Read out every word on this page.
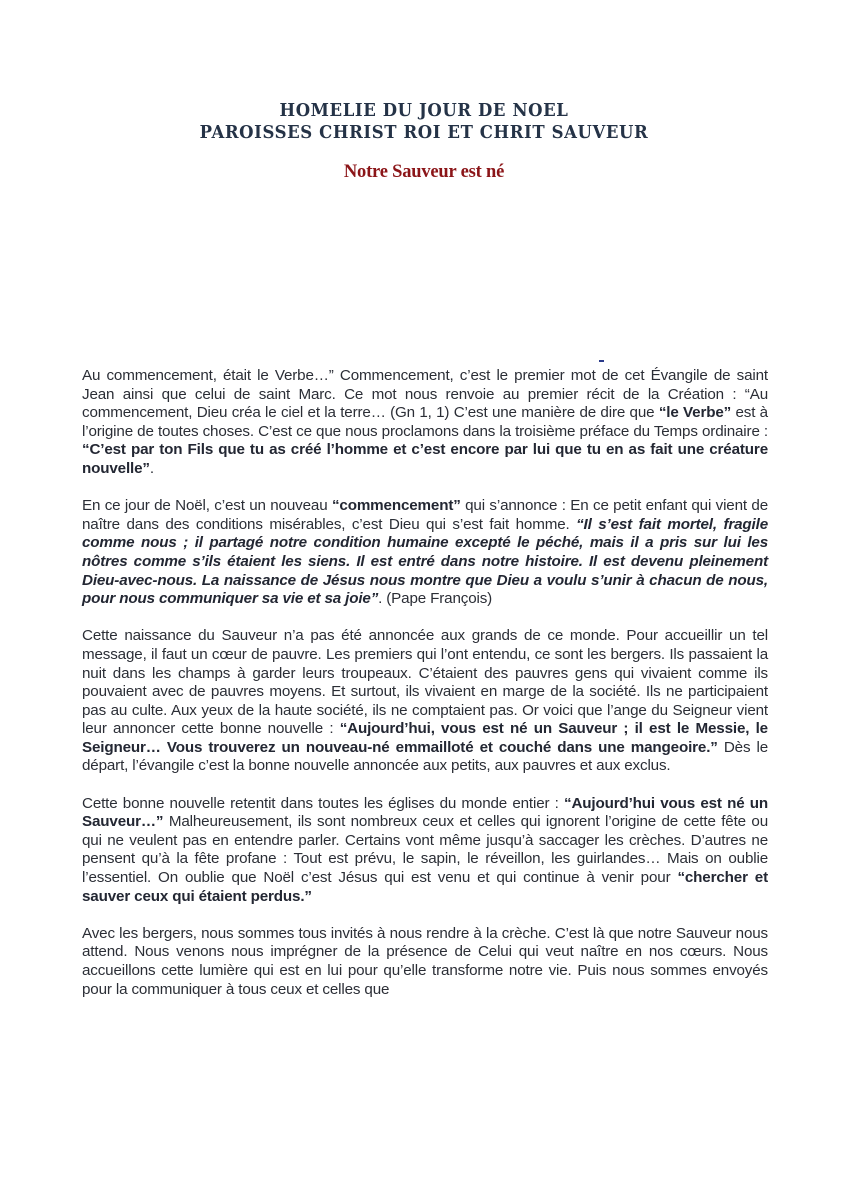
HOMELIE DU JOUR DE NOEL
PAROISSES CHRIST ROI ET CHRIT SAUVEUR
Notre Sauveur est né

Au commencement, était le Verbe…” Commencement, c’est le premier mot de cet Évangile de saint Jean ainsi que celui de saint Marc. Ce mot nous renvoie au premier récit de la Création : “Au commencement, Dieu créa le ciel et la terre… (Gn 1, 1) C’est une manière de dire que “le Verbe” est à l’origine de toutes choses. C’est ce que nous proclamons dans la troisième préface du Temps ordinaire : “C’est par ton Fils que tu as créé l’homme et c’est encore par lui que tu en as fait une créature nouvelle”.

En ce jour de Noël, c’est un nouveau “commencement” qui s’annonce : En ce petit enfant qui vient de naître dans des conditions misérables, c’est Dieu qui s’est fait homme. “Il s’est fait mortel, fragile comme nous ; il partagé notre condition humaine excepté le péché, mais il a pris sur lui les nôtres comme s’ils étaient les siens. Il est entré dans notre histoire. Il est devenu pleinement Dieu-avec-nous. La naissance de Jésus nous montre que Dieu a voulu s’unir à chacun de nous, pour nous communiquer sa vie et sa joie”. (Pape François)

Cette naissance du Sauveur n’a pas été annoncée aux grands de ce monde. Pour accueillir un tel message, il faut un cœur de pauvre. Les premiers qui l’ont entendu, ce sont les bergers. Ils passaient la nuit dans les champs à garder leurs troupeaux. C’étaient des pauvres gens qui vivaient comme ils pouvaient avec de pauvres moyens. Et surtout, ils vivaient en marge de la société. Ils ne participaient pas au culte. Aux yeux de la haute société, ils ne comptaient pas. Or voici que l’ange du Seigneur vient leur annoncer cette bonne nouvelle : “Aujourd’hui, vous est né un Sauveur ; il est le Messie, le Seigneur… Vous trouverez un nouveau-né emmailloté et couché dans une mangeoire.” Dès le départ, l’évangile c’est la bonne nouvelle annoncée aux petits, aux pauvres et aux exclus.

Cette bonne nouvelle retentit dans toutes les églises du monde entier : “Aujourd’hui vous est né un Sauveur…” Malheureusement, ils sont nombreux ceux et celles qui ignorent l’origine de cette fête ou qui ne veulent pas en entendre parler. Certains vont même jusqu’à saccager les crèches. D’autres ne pensent qu’à la fête profane : Tout est prévu, le sapin, le réveillon, les guirlandes… Mais on oublie l’essentiel. On oublie que Noël c’est Jésus qui est venu et qui continue à venir pour “chercher et sauver ceux qui étaient perdus.”

Avec les bergers, nous sommes tous invités à nous rendre à la crèche. C’est là que notre Sauveur nous attend. Nous venons nous imprégner de la présence de Celui qui veut naître en nos cœurs. Nous accueillons cette lumière qui est en lui pour qu’elle transforme notre vie. Puis nous sommes envoyés pour la communiquer à tous ceux et celles que
